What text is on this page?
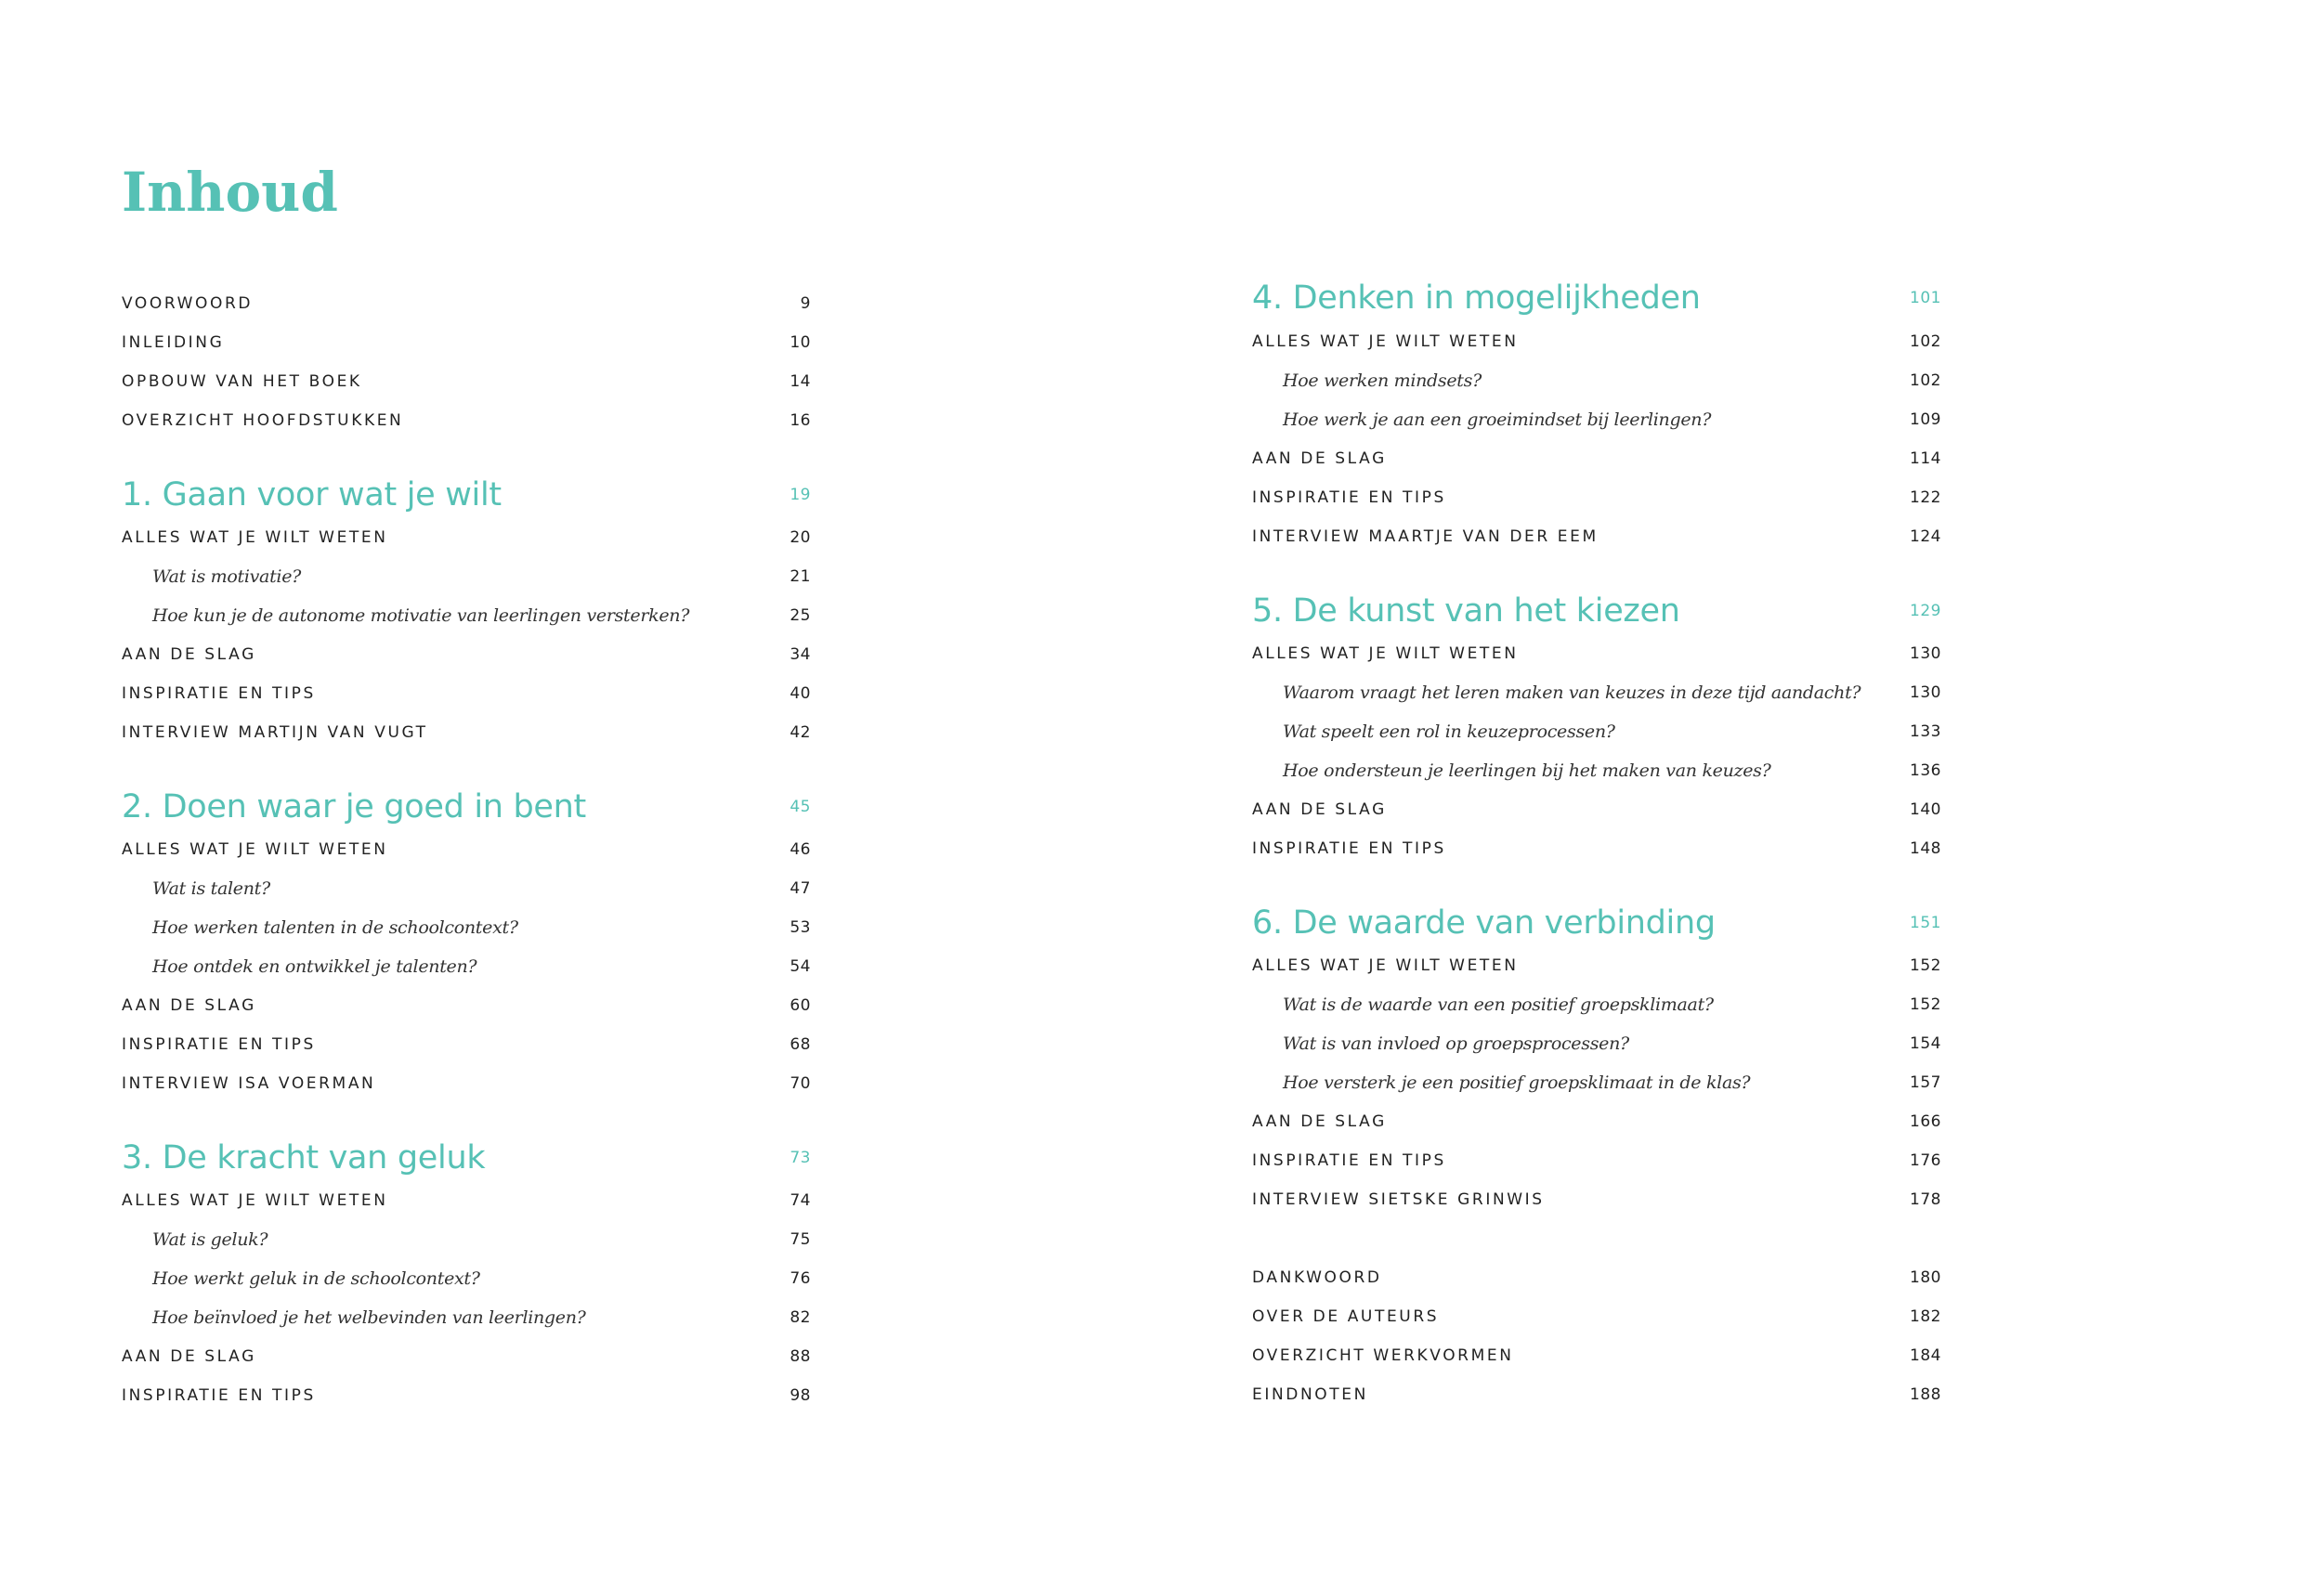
Inhoud
VOORWOORD	9
INLEIDING	10
OPBOUW VAN HET BOEK	14
OVERZICHT HOOFDSTUKKEN	16
1. Gaan voor wat je wilt	19
ALLES WAT JE WILT WETEN	20
Wat is motivatie?	21
Hoe kun je de autonome motivatie van leerlingen versterken?	25
AAN DE SLAG	34
INSPIRATIE EN TIPS	40
INTERVIEW MARTIJN VAN VUGT	42
2. Doen waar je goed in bent	45
ALLES WAT JE WILT WETEN	46
Wat is talent?	47
Hoe werken talenten in de schoolcontext?	53
Hoe ontdek en ontwikkel je talenten?	54
AAN DE SLAG	60
INSPIRATIE EN TIPS	68
INTERVIEW ISA VOERMAN	70
3. De kracht van geluk	73
ALLES WAT JE WILT WETEN	74
Wat is geluk?	75
Hoe werkt geluk in de schoolcontext?	76
Hoe beïnvloed je het welbevinden van leerlingen?	82
AAN DE SLAG	88
INSPIRATIE EN TIPS	98
4. Denken in mogelijkheden	101
ALLES WAT JE WILT WETEN	102
Hoe werken mindsets?	102
Hoe werk je aan een groeimindset bij leerlingen?	109
AAN DE SLAG	114
INSPIRATIE EN TIPS	122
INTERVIEW MAARTJE VAN DER EEM	124
5. De kunst van het kiezen	129
ALLES WAT JE WILT WETEN	130
Waarom vraagt het leren maken van keuzes in deze tijd aandacht?	130
Wat speelt een rol in keuzeprocessen?	133
Hoe ondersteun je leerlingen bij het maken van keuzes?	136
AAN DE SLAG	140
INSPIRATIE EN TIPS	148
6. De waarde van verbinding	151
ALLES WAT JE WILT WETEN	152
Wat is de waarde van een positief groepsklimaat?	152
Wat is van invloed op groepsprocessen?	154
Hoe versterk je een positief groepsklimaat in de klas?	157
AAN DE SLAG	166
INSPIRATIE EN TIPS	176
INTERVIEW SIETSKE GRINWIS	178
DANKWOORD	180
OVER DE AUTEURS	182
OVERZICHT WERKVORMEN	184
EINDNOTEN	188
